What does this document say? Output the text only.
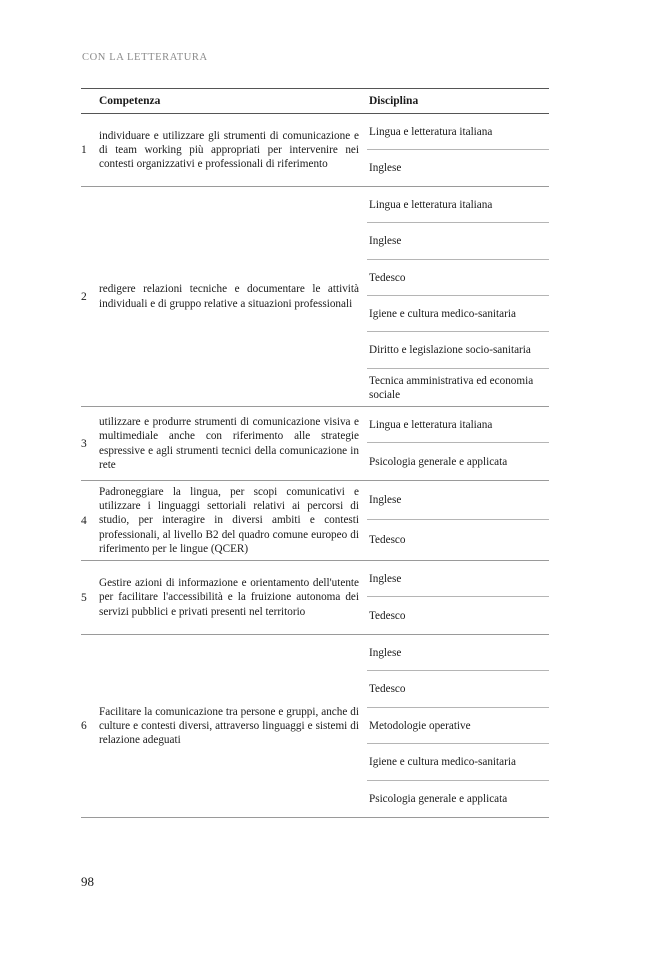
CON LA LETTERATURA
Competenza	Disciplina
1
individuare e utilizzare gli strumenti di comunicazione e di team working più appropriati per intervenire nei contesti organizzativi e professionali di riferimento
Lingua e letteratura italiana
Inglese
2
redigere relazioni tecniche e documentare le attività individuali e di gruppo relative a situazioni professionali
Lingua e letteratura italiana
Inglese
Tedesco
Igiene e cultura medico-sanitaria
Diritto e legislazione socio-sanitaria
Tecnica amministrativa ed economia sociale
3
utilizzare e produrre strumenti di comunicazione visiva e multimediale anche con riferimento alle strategie espressive e agli strumenti tecnici della comunicazione in rete
Lingua e letteratura italiana
Psicologia generale e applicata
4
Padroneggiare la lingua, per scopi comunicativi e utilizzare i linguaggi settoriali relativi ai percorsi di studio, per interagire in diversi ambiti e contesti professionali, al livello B2 del quadro comune europeo di riferimento per le lingue (QCER)
Inglese
Tedesco
5
Gestire azioni di informazione e orientamento dell'utente per facilitare l'accessibilità e la fruizione autonoma dei servizi pubblici e privati presenti nel territorio
Inglese
Tedesco
6
Facilitare la comunicazione tra persone e gruppi, anche di culture e contesti diversi, attraverso linguaggi e sistemi di relazione adeguati
Inglese
Tedesco
Metodologie operative
Igiene e cultura medico-sanitaria
Psicologia generale e applicata
98
